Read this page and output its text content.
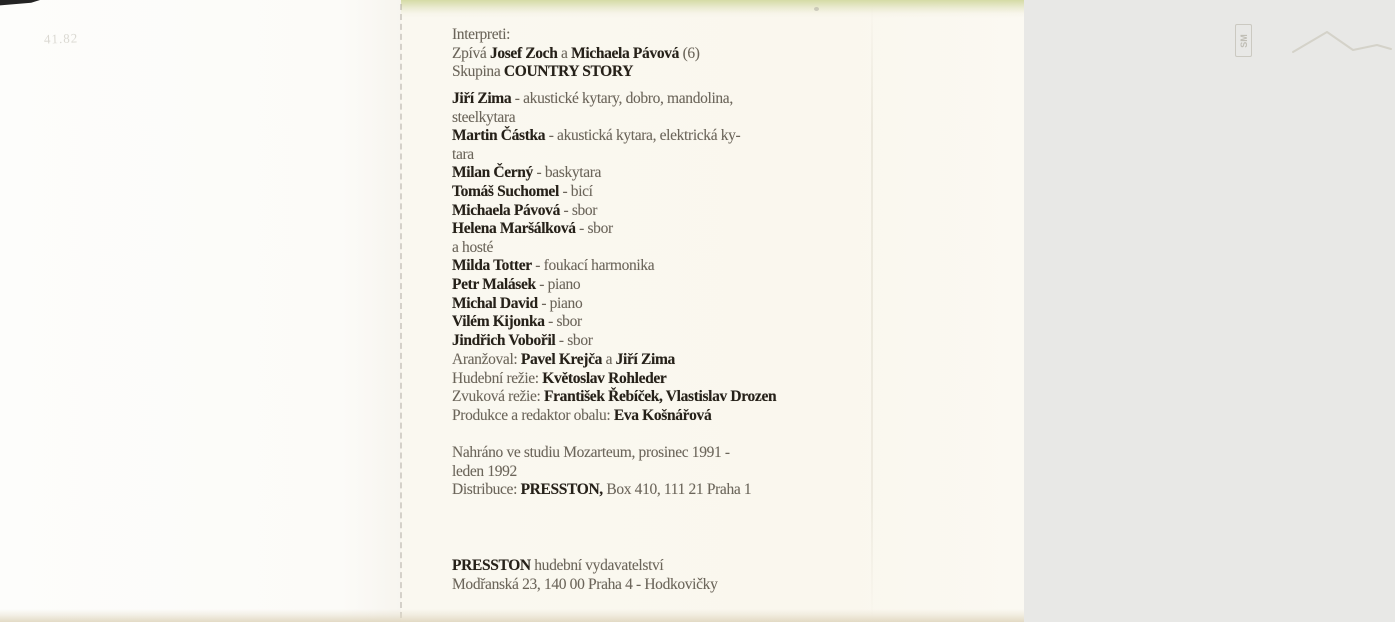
41.82	Interpreti:
Zpívá Josef Zoch a Michaela Pávová (6)
Skupina COUNTRY STORY
Jiří Zima - akustické kytary, dobro, mandolina,
steelkytara
Martin Částka - akustická kytara, elektrická ky-
tara
Milan Černý - baskytara
Tomáš Suchomel - bicí
Michaela Pávová - sbor
Helena Maršálková - sbor
a hosté
Milda Totter - foukací harmonika
Petr Malásek - piano
Michal David - piano
Vilém Kijonka - sbor
Jindřich Vobořil - sbor
Aranžoval: Pavel Krejča a Jiří Zima
Hudební režie: Květoslav Rohleder
Zvuková režie: František Řebíček, Vlastislav Drozen
Produkce a redaktor obalu: Eva Košnářová
Nahráno ve studiu Mozarteum, prosinec 1991 -
leden 1992
Distribuce: PRESSTON, Box 410, 111 21 Praha 1
PRESSTON hudební vydavatelství
Modřanská 23, 140 00 Praha 4 - Hodkovičky
SM
